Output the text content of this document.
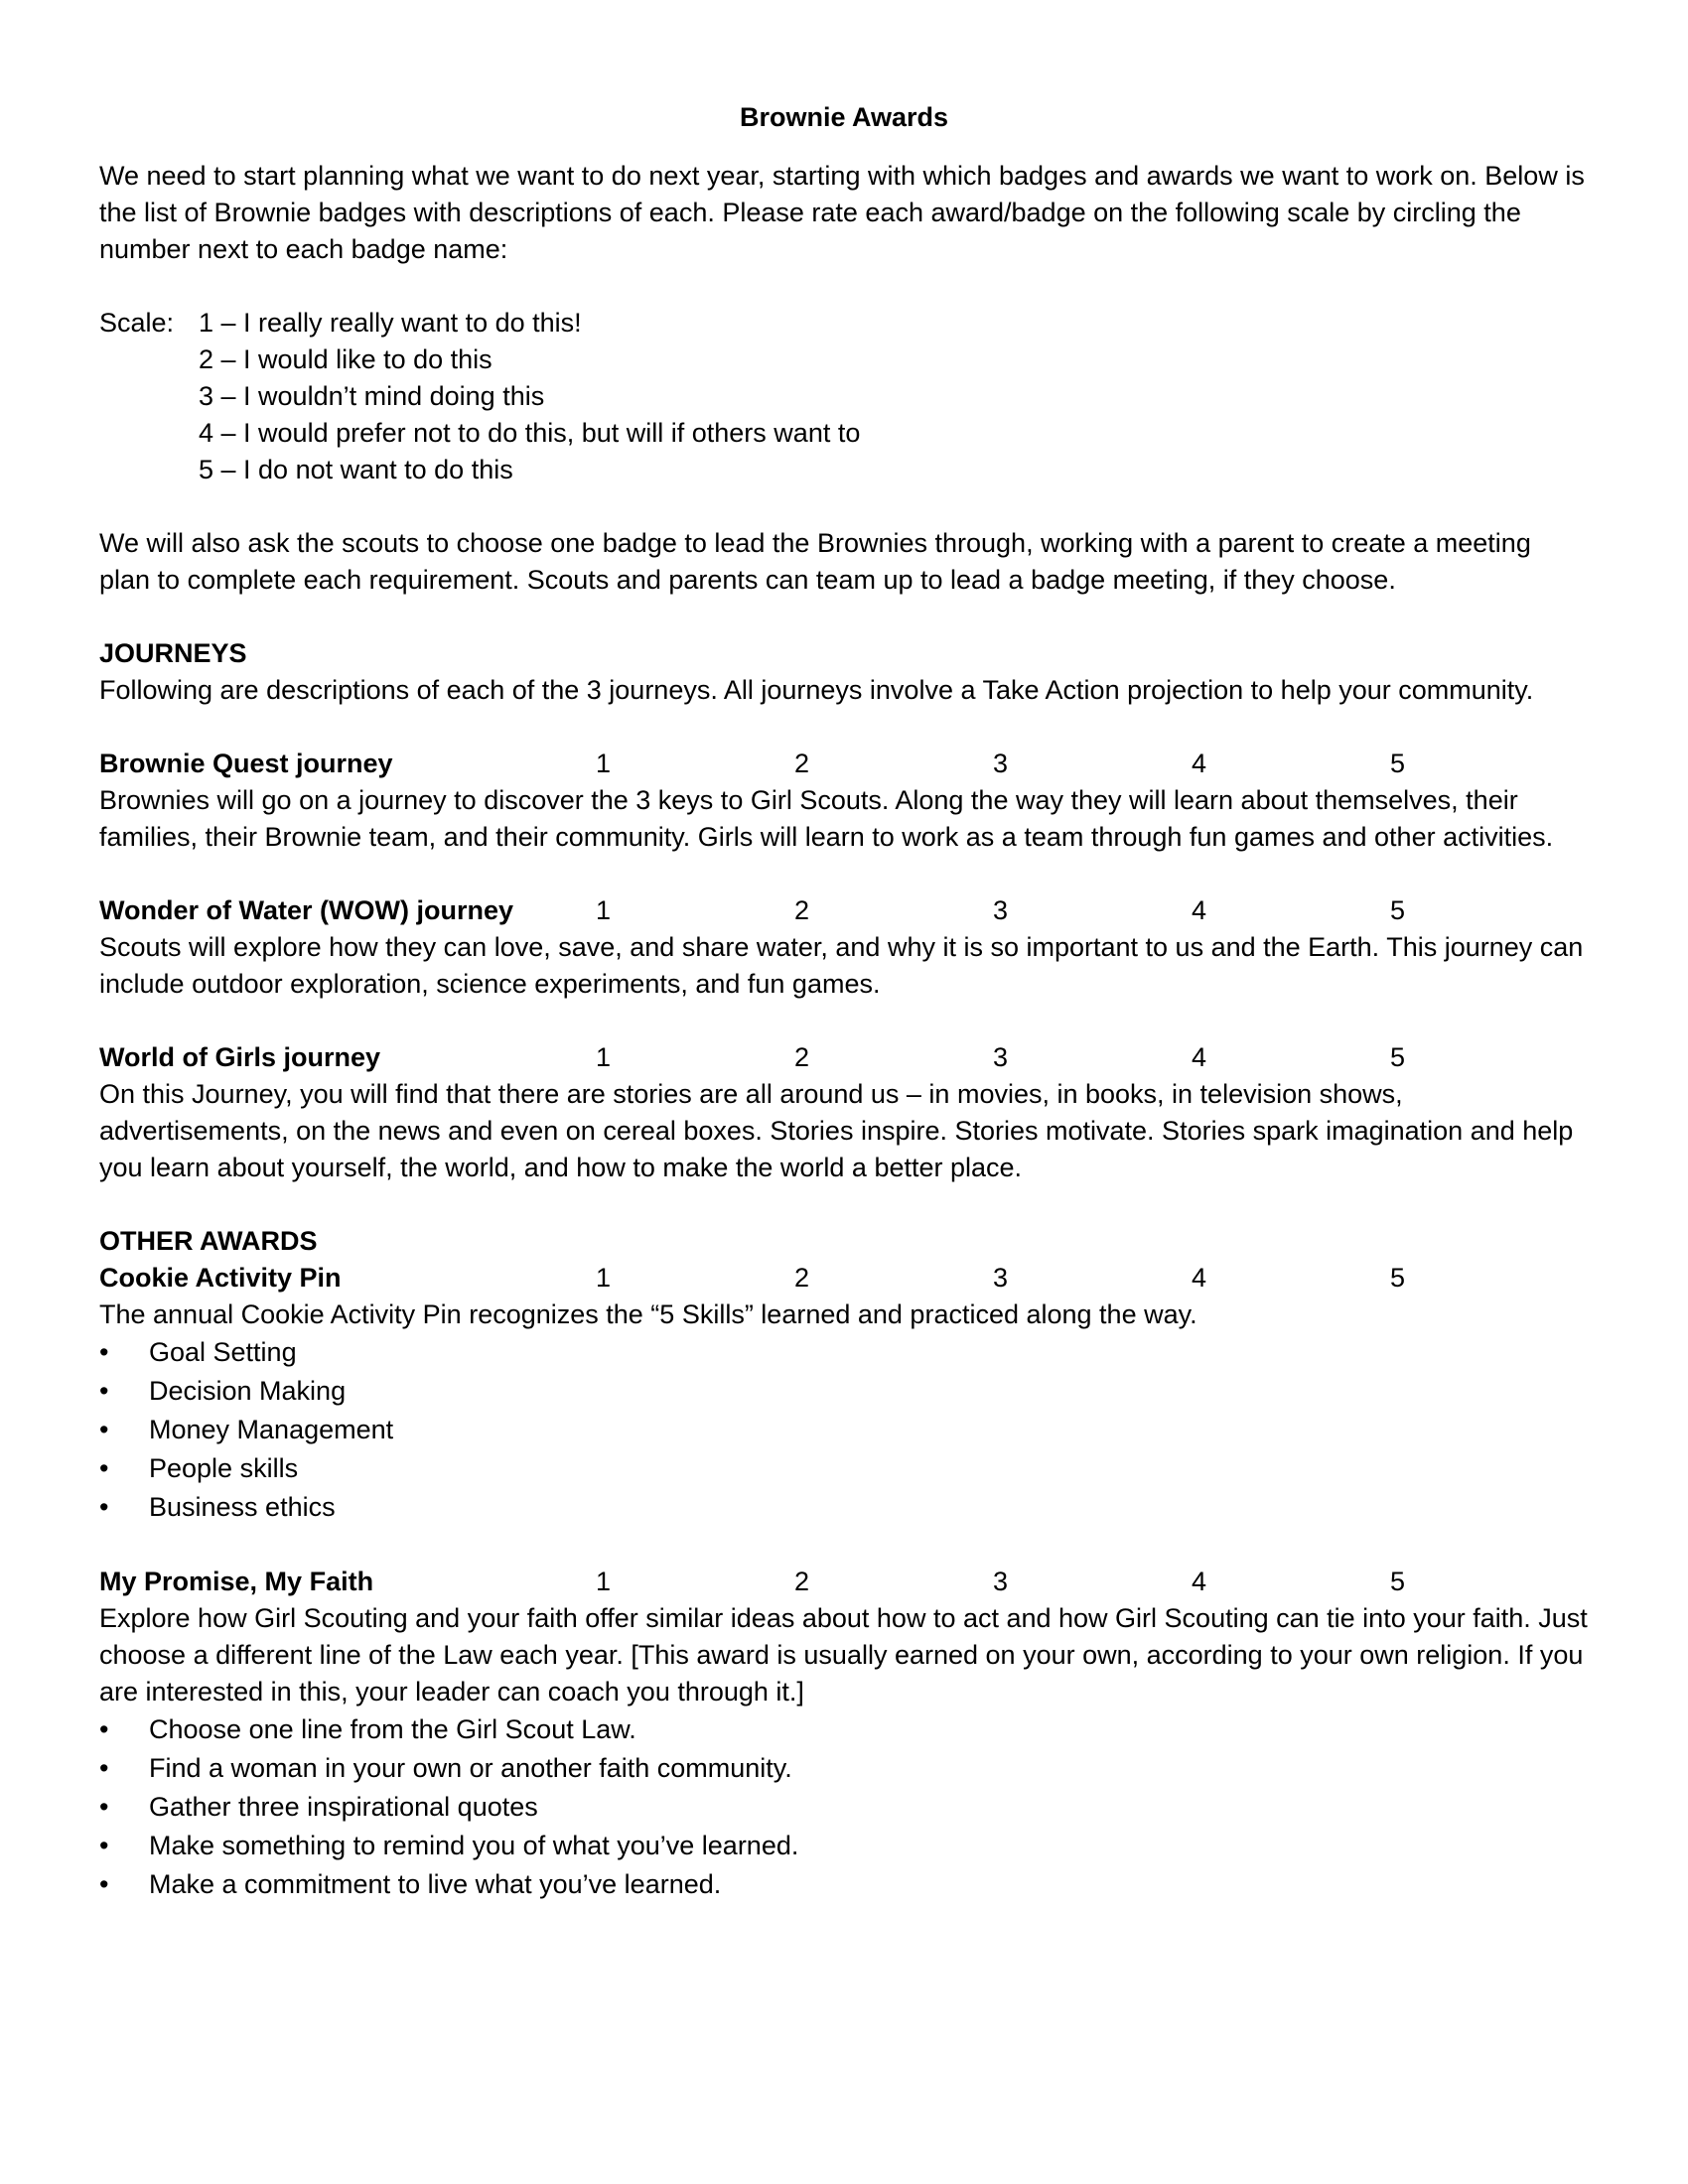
Brownie Awards

We need to start planning what we want to do next year, starting with which badges and awards we want to work on. Below is the list of Brownie badges with descriptions of each. Please rate each award/badge on the following scale by circling the number next to each badge name:

Scale: 1 – I really really want to do this!
2 – I would like to do this
3 – I wouldn’t mind doing this
4 – I would prefer not to do this, but will if others want to
5 – I do not want to do this

We will also ask the scouts to choose one badge to lead the Brownies through, working with a parent to create a meeting plan to complete each requirement. Scouts and parents can team up to lead a badge meeting, if they choose.

JOURNEYS

Following are descriptions of each of the 3 journeys. All journeys involve a Take Action projection to help your community.

Brownie Quest journey	1	2	3	4	5

Brownies will go on a journey to discover the 3 keys to Girl Scouts. Along the way they will learn about themselves, their families, their Brownie team, and their community. Girls will learn to work as a team through fun games and other activities.

Wonder of Water (WOW) journey	1	2	3	4	5

Scouts will explore how they can love, save, and share water, and why it is so important to us and the Earth. This journey can include outdoor exploration, science experiments, and fun games.

World of Girls journey	1	2	3	4	5

On this Journey, you will find that there are stories are all around us – in movies, in books, in television shows, advertisements, on the news and even on cereal boxes. Stories inspire. Stories motivate. Stories spark imagination and help you learn about yourself, the world, and how to make the world a better place.

OTHER AWARDS
Cookie Activity Pin	1	2	3	4	5

The annual Cookie Activity Pin recognizes the “5 Skills” learned and practiced along the way.

• Goal Setting
• Decision Making
• Money Management
• People skills
• Business ethics
My Promise, My Faith	1	2	3	4	5

Explore how Girl Scouting and your faith offer similar ideas about how to act and how Girl Scouting can tie into your faith. Just choose a different line of the Law each year. [This award is usually earned on your own, according to your own religion. If you are interested in this, your leader can coach you through it.]

• Choose one line from the Girl Scout Law.
• Find a woman in your own or another faith community.
• Gather three inspirational quotes
• Make something to remind you of what you’ve learned.
• Make a commitment to live what you’ve learned.
